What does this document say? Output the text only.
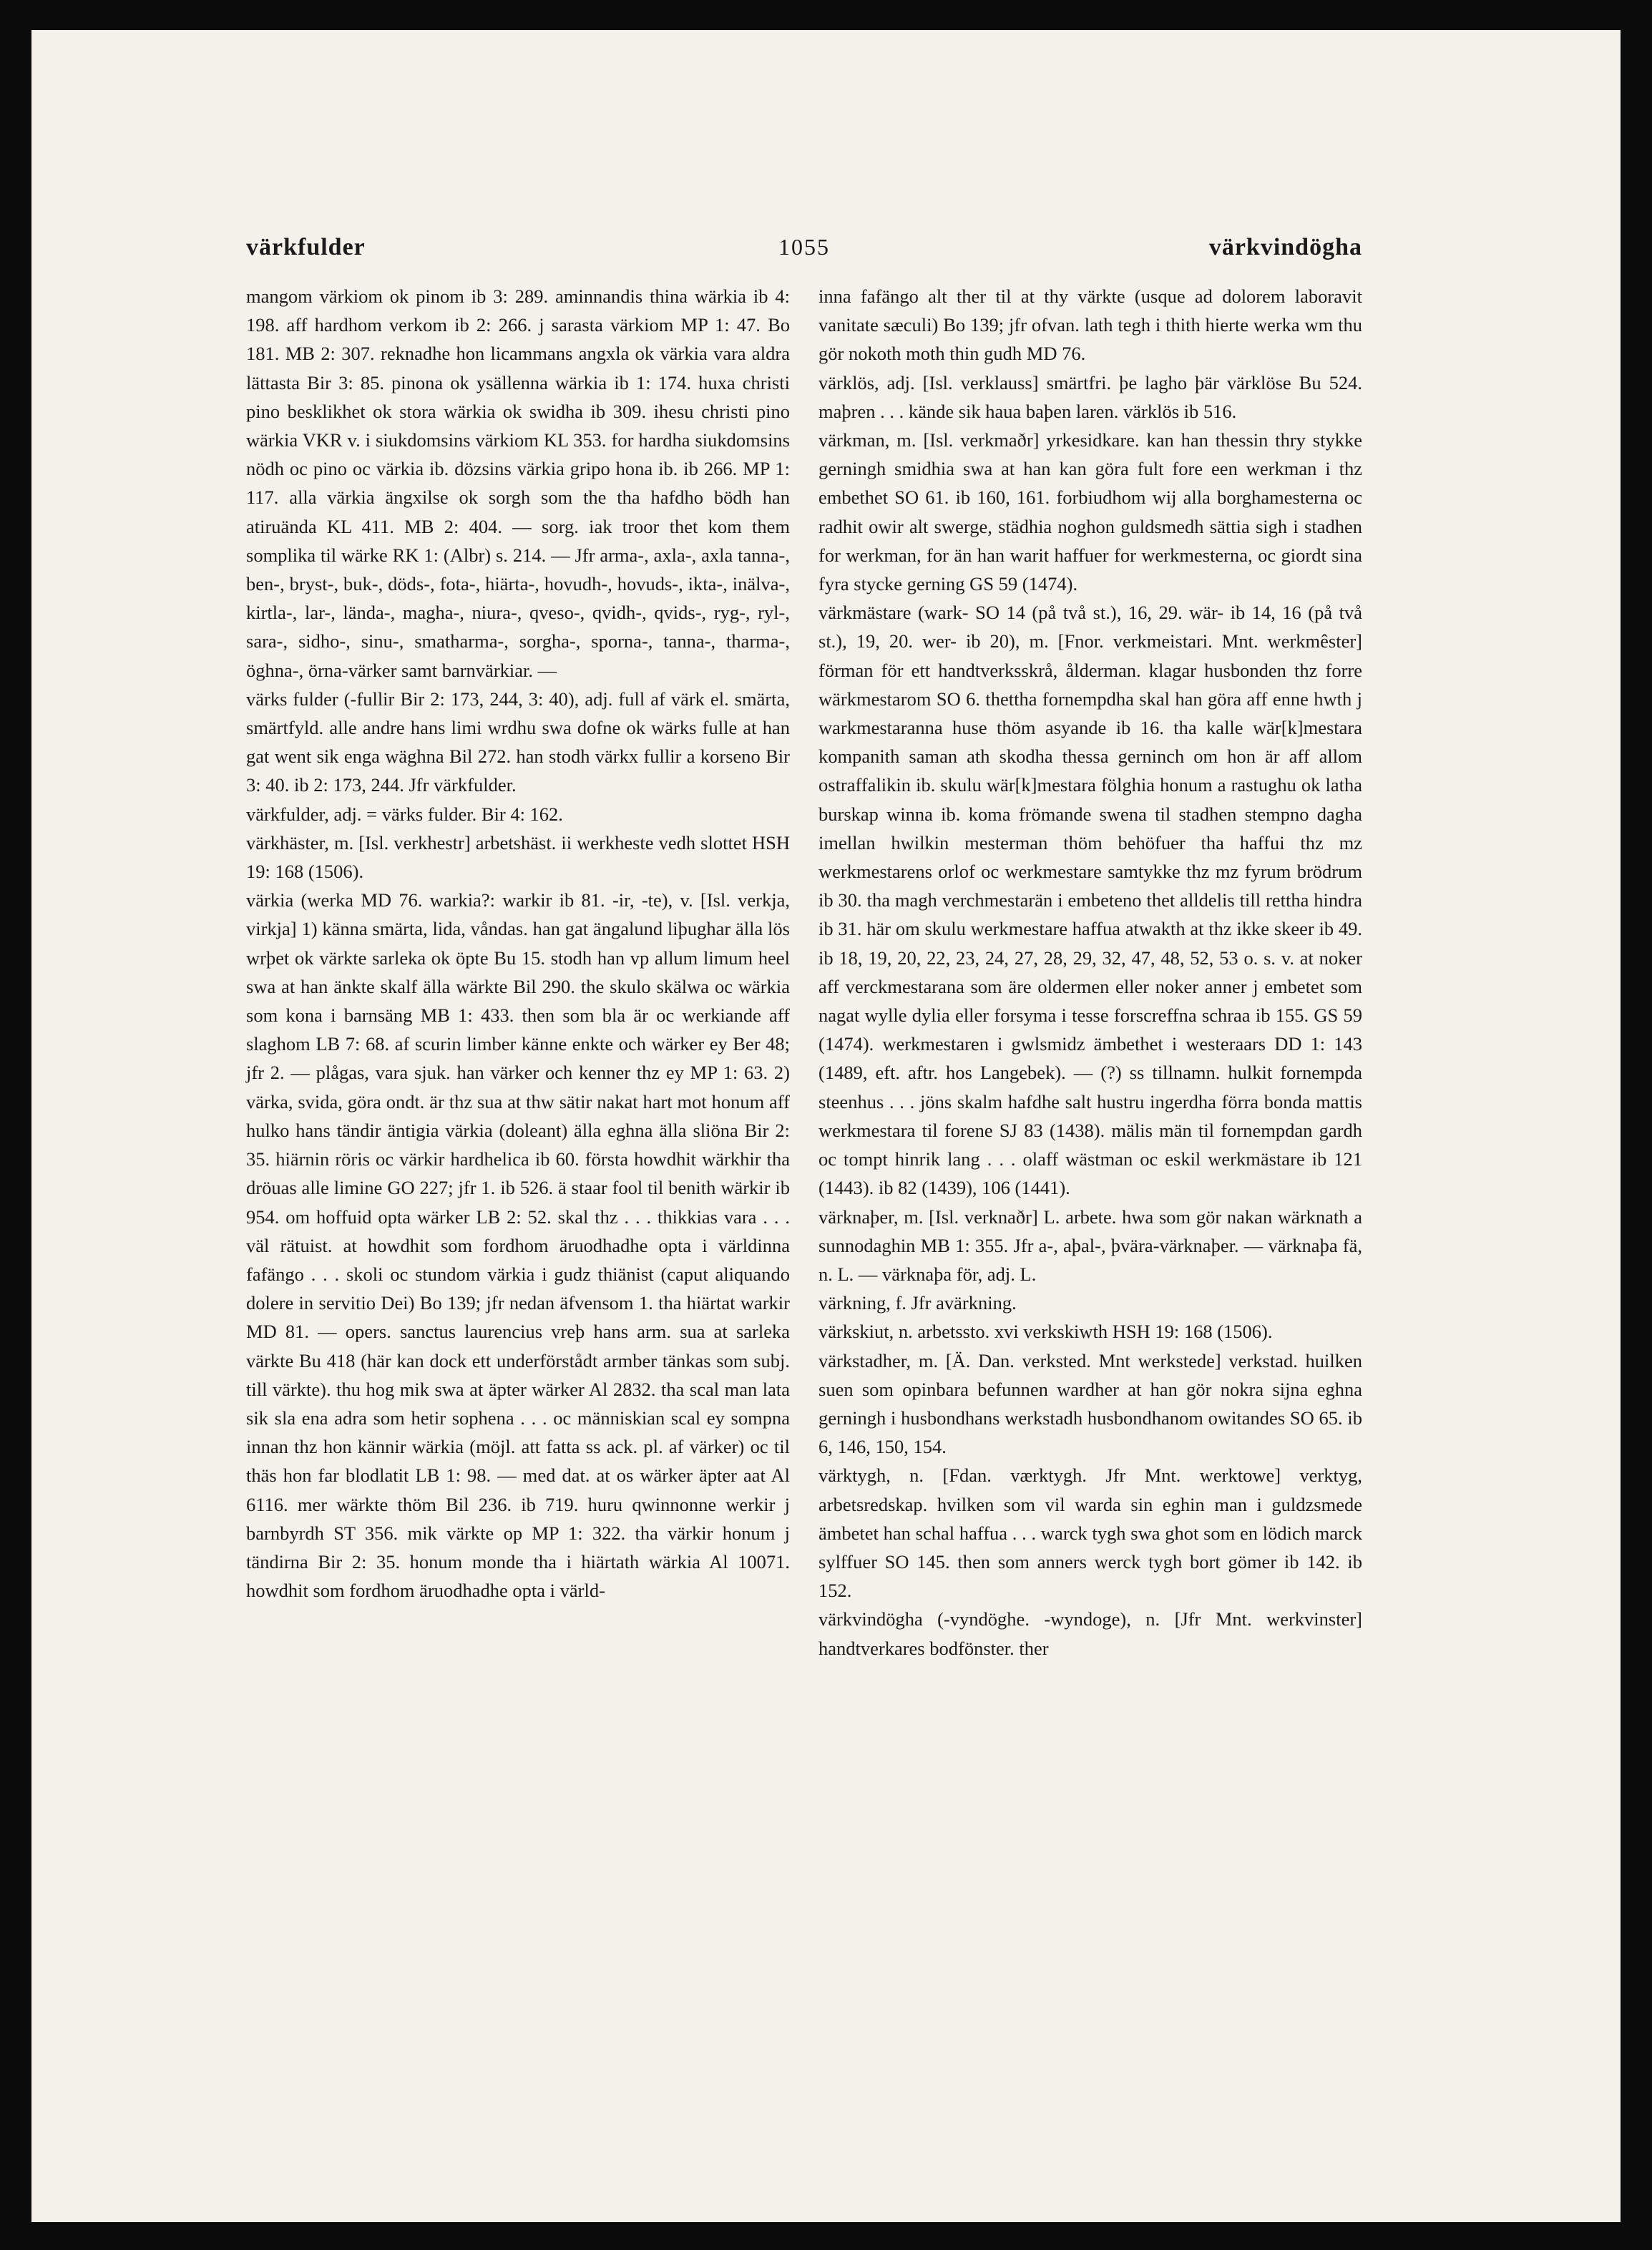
värkfulder	1055	värkvindögha

mangom värkiom ok pinom ib 3: 289. aminnandis thina wärkia ib 4: 198. aff hardhom verkom ib 2: 266. j sarasta värkiom MP 1: 47. Bo 181. MB 2: 307. reknadhe hon licammans angxla ok värkia vara aldra lättasta Bir 3: 85. pinona ok ysällenna wärkia ib 1: 174. huxa christi pino besklikhet ok stora wärkia ok swidha ib 309. ihesu christi pino wärkia VKR v. i siukdomsins värkiom KL 353. for hardha siukdomsins nödh oc pino oc värkia ib. dözsins värkia gripo hona ib. ib 266. MP 1: 117. alla värkia ängxilse ok sorgh som the tha hafdho bödh han atiruända KL 411. MB 2: 404. — sorg. iak troor thet kom them somplika til wärke RK 1: (Albr) s. 214. — Jfr arma-, axla-, axla tanna-, ben-, bryst-, buk-, döds-, fota-, hiärta-, hovudh-, hovuds-, ikta-, inälva-, kirtla-, lar-, lända-, magha-, niura-, qveso-, qvidh-, qvids-, ryg-, ryl-, sara-, sidho-, sinu-, smatharma-, sorgha-, sporna-, tanna-, tharma-, öghna-, örna-värker samt barnvärkiar. —

värks fulder (-fullir Bir 2: 173, 244, 3: 40), adj. full af värk el. smärta, smärtfyld. alle andre hans limi wrdhu swa dofne ok wärks fulle at han gat went sik enga wäghna Bil 272. han stodh värkx fullir a korseno Bir 3: 40. ib 2: 173, 244. Jfr värkfulder.

värkfulder, adj. = värks fulder. Bir 4: 162.

värkhäster, m. [Isl. verkhestr] arbetshäst. ii werkheste vedh slottet HSH 19: 168 (1506).

värkia (werka MD 76. warkia?: warkir ib 81. -ir, -te), v. [Isl. verkja, virkja] 1) känna smärta, lida, våndas. han gat ängalund liþughar älla lös wrþet ok värkte sarleka ok öpte Bu 15. stodh han vp allum limum heel swa at han änkte skalf älla wärkte Bil 290. the skulo skälwa oc wärkia som kona i barnsäng MB 1: 433. then som bla är oc werkiande aff slaghom LB 7: 68. af scurin limber känne enkte och wärker ey Ber 48; jfr 2. — plågas, vara sjuk. han värker och kenner thz ey MP 1: 63. 2) värka, svida, göra ondt. är thz sua at thw sätir nakat hart mot honum aff hulko hans tändir äntigia värkia (doleant) älla eghna älla sliöna Bir 2: 35. hiärnin röris oc värkir hardhelica ib 60. första howdhit wärkhir tha dröuas alle limine GO 227; jfr 1. ib 526. ä staar fool til benith wärkir ib 954. om hoffuid opta wärker LB 2: 52. skal thz . . . thikkias vara . . . väl rätuist. at howdhit som fordhom äruodhadhe opta i världinna fafängo . . . skoli oc stundom värkia i gudz thiänist (caput aliquando dolere in servitio Dei) Bo 139; jfr nedan äfvensom 1. tha hiärtat warkir MD 81. — opers. sanctus laurencius vreþ hans arm. sua at sarleka värkte Bu 418 (här kan dock ett underförstådt armber tänkas som subj. till värkte). thu hog mik swa at äpter wärker Al 2832. tha scal man lata sik sla ena adra som hetir sophena . . . oc människian scal ey sompna innan thz hon kännir wärkia (möjl. att fatta ss ack. pl. af värker) oc til thäs hon far blodlatit LB 1: 98. — med dat. at os wärker äpter aat Al 6116. mer wärkte thöm Bil 236. ib 719. huru qwinnonne werkir j barnbyrdh ST 356. mik värkte op MP 1: 322. tha värkir honum j tändirna Bir 2: 35. honum monde tha i hiärtath wärkia Al 10071. howdhit som fordhom äruodhadhe opta i värld-

inna fafängo alt ther til at thy värkte (usque ad dolorem laboravit vanitate sæculi) Bo 139; jfr ofvan. lath tegh i thith hierte werka wm thu gör nokoth moth thin gudh MD 76.

värklös, adj. [Isl. verklauss] smärtfri. þe lagho þär värklöse Bu 524. maþren . . . kände sik haua baþen laren. värklös ib 516.

värkman, m. [Isl. verkmaðr] yrkesidkare. kan han thessin thry stykke gerningh smidhia swa at han kan göra fult fore een werkman i thz embethet SO 61. ib 160, 161. forbiudhom wij alla borghamesterna oc radhit owir alt swerge, städhia noghon guldsmedh sättia sigh i stadhen for werkman, for än han warit haffuer for werkmesterna, oc giordt sina fyra stycke gerning GS 59 (1474).

värkmästare (wark- SO 14 (på två st.), 16, 29. wär- ib 14, 16 (på två st.), 19, 20. wer- ib 20), m. [Fnor. verkmeistari. Mnt. werkmêster] förman för ett handtverksskrå, ålderman. klagar husbonden thz forre wärkmestarom SO 6. thettha fornempdha skal han göra aff enne hwth j warkmestaranna huse thöm asyande ib 16. tha kalle wär[k]mestara kompanith saman ath skodha thessa gerninch om hon är aff allom ostraffalikin ib. skulu wär[k]mestara fölghia honum a rastughu ok latha burskap winna ib. koma frömande swena til stadhen stempno dagha imellan hwilkin mesterman thöm behöfuer tha haffui thz mz werkmestarens orlof oc werkmestare samtykke thz mz fyrum brödrum ib 30. tha magh verchmestarän i embeteno thet alldelis till rettha hindra ib 31. här om skulu werkmestare haffua atwakth at thz ikke skeer ib 49. ib 18, 19, 20, 22, 23, 24, 27, 28, 29, 32, 47, 48, 52, 53 o. s. v. at noker aff verckmestarana som äre oldermen eller noker anner j embetet som nagat wylle dylia eller forsyma i tesse forscreffna schraa ib 155. GS 59 (1474). werkmestaren i gwlsmidz ämbethet i westeraars DD 1: 143 (1489, eft. aftr. hos Langebek). — (?) ss tillnamn. hulkit fornempda steenhus . . . jöns skalm hafdhe salt hustru ingerdha förra bonda mattis werkmestara til forene SJ 83 (1438). mälis män til fornempdan gardh oc tompt hinrik lang . . . olaff wästman oc eskil werkmästare ib 121 (1443). ib 82 (1439), 106 (1441).

värknaþer, m. [Isl. verknaðr] L. arbete. hwa som gör nakan wärknath a sunnodaghin MB 1: 355. Jfr a-, aþal-, þvära-värknaþer. — värknaþa fä, n. L. — värknaþa för, adj. L.

värkning, f. Jfr avärkning.

värkskiut, n. arbetssto. xvi verkskiwth HSH 19: 168 (1506).

värkstadher, m. [Ä. Dan. verksted. Mnt werkstede] verkstad. huilken suen som opinbara befunnen wardher at han gör nokra sijna eghna gerningh i husbondhans werkstadh husbondhanom owitandes SO 65. ib 6, 146, 150, 154.

värktygh, n. [Fdan. værktygh. Jfr Mnt. werktowe] verktyg, arbetsredskap. hvilken som vil warda sin eghin man i guldzsmede ämbetet han schal haffua . . . warck tygh swa ghot som en lödich marck sylffuer SO 145. then som anners werck tygh bort gömer ib 142. ib 152.

värkvindögha (-vyndöghe. -wyndoge), n. [Jfr Mnt. werkvinster] handtverkares bodfönster. ther
